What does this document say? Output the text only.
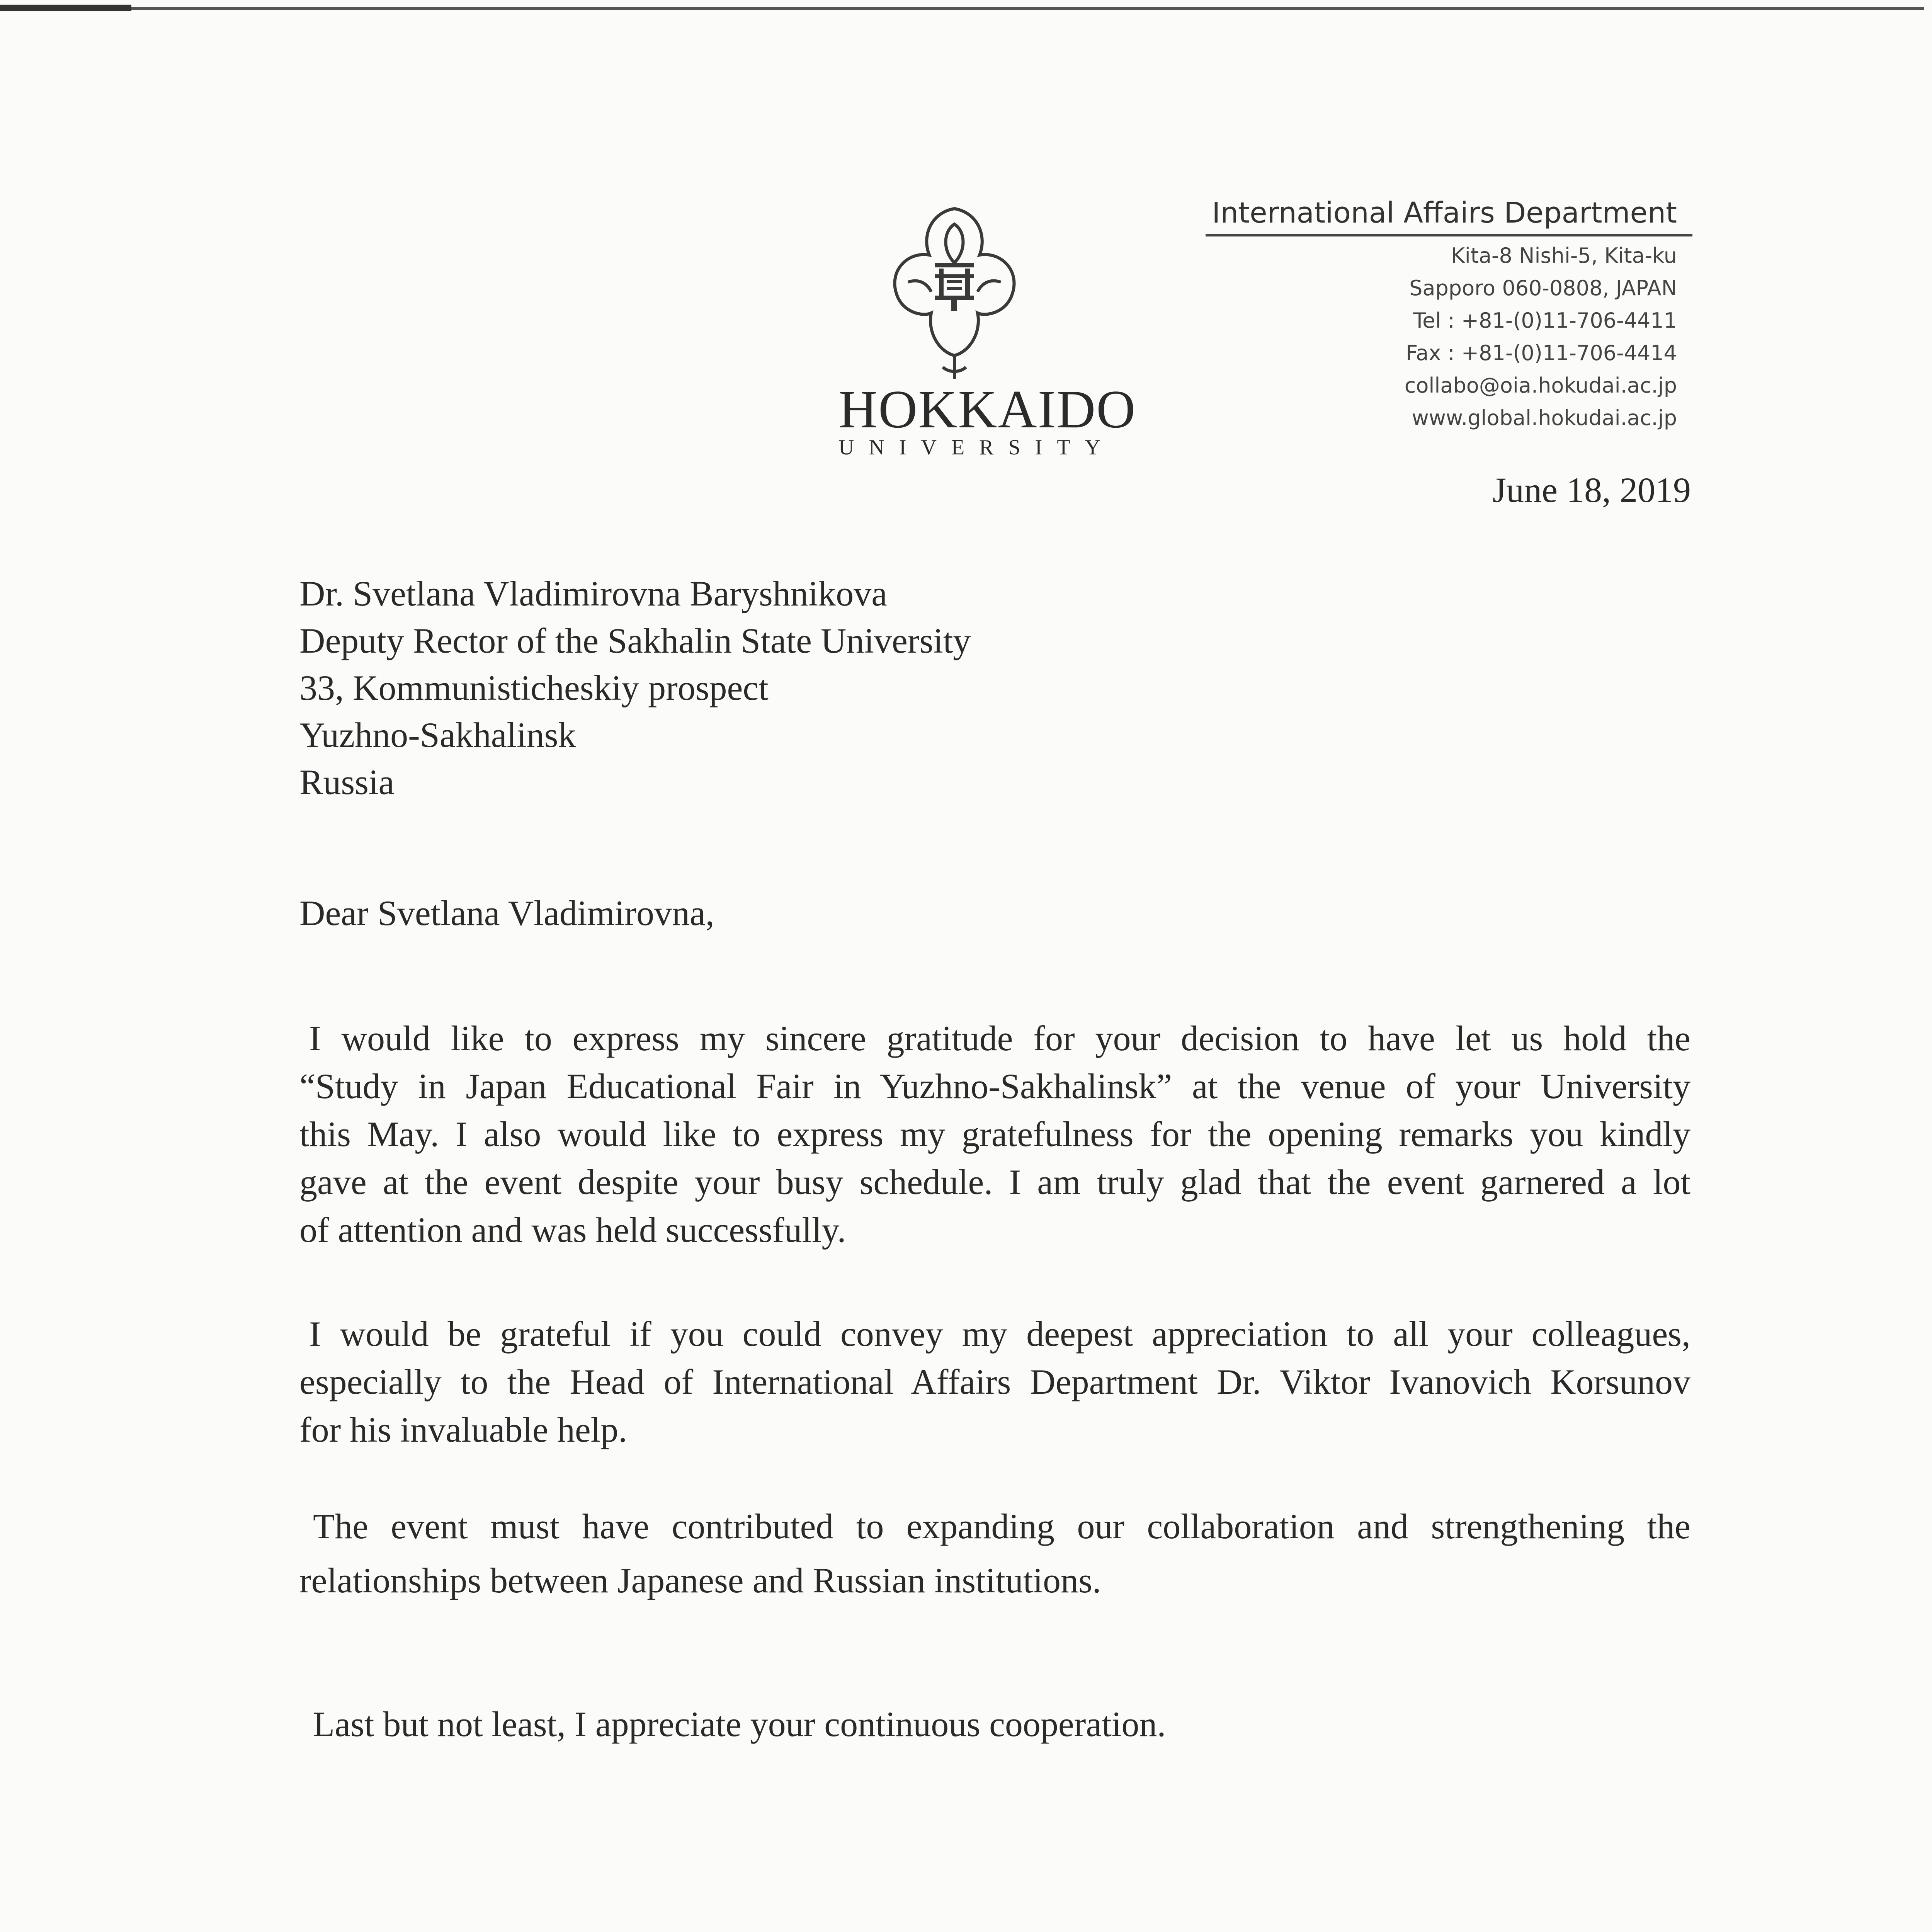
HOKKAIDO
UNIVERSITY
International Affairs Department
Kita-8 Nishi-5, Kita-ku
Sapporo 060-0808, JAPAN
Tel : +81-(0)11-706-4411
Fax : +81-(0)11-706-4414
collabo@oia.hokudai.ac.jp
www.global.hokudai.ac.jp
June 18, 2019
Dr. Svetlana Vladimirovna Baryshnikova
Deputy Rector of the Sakhalin State University
33, Kommunisticheskiy prospect
Yuzhno-Sakhalinsk
Russia
Dear Svetlana Vladimirovna,
I would like to express my sincere gratitude for your decision to have let us hold the
“Study in Japan Educational Fair in Yuzhno-Sakhalinsk” at the venue of your University
this May. I also would like to express my gratefulness for the opening remarks you kindly
gave at the event despite your busy schedule. I am truly glad that the event garnered a lot
of attention and was held successfully.
I would be grateful if you could convey my deepest appreciation to all your colleagues,
especially to the Head of International Affairs Department Dr. Viktor Ivanovich Korsunov
for his invaluable help.
The event must have contributed to expanding our collaboration and strengthening the
relationships between Japanese and Russian institutions.
Last but not least, I appreciate your continuous cooperation.
